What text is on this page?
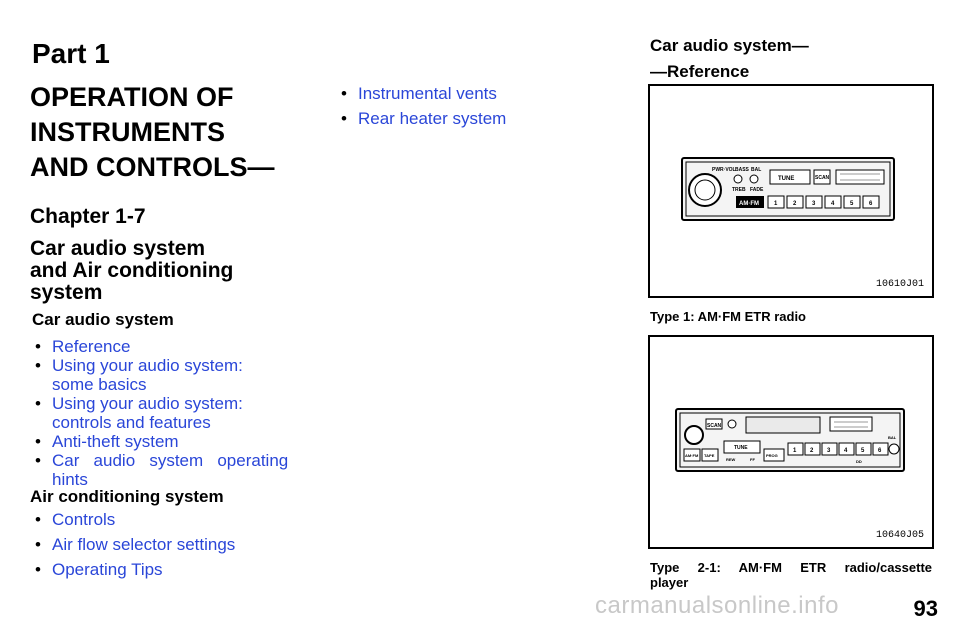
Part 1
OPERATION OF
INSTRUMENTS
AND CONTROLS—
Chapter 1-7
Car audio system
and Air conditioning
system
Car audio system
• Reference
• Using your audio system:
some basics
• Using your audio system:
controls and features
• Anti-theft system
• Car   audio   system   operating
hints
Air conditioning system
• Controls
• Air flow selector settings
• Operating Tips
• Instrumental vents
• Rear heater system
Car audio system—
—Reference
PWR·VOL BASS BAL
TREB FADE
TUNE	SCAN
AM·FM	1	2	3	4	5	6
10610J01
Type 1: AM·FM ETR radio
SCAN
AM·FM TAPE
TUNE
REW	FF
PROG
1 2 3 4 5 6
DD
BAL
10640J05
Type  2-1:  AM·FM  ETR  radio/cassette
player
carmanualsonline.info	93
